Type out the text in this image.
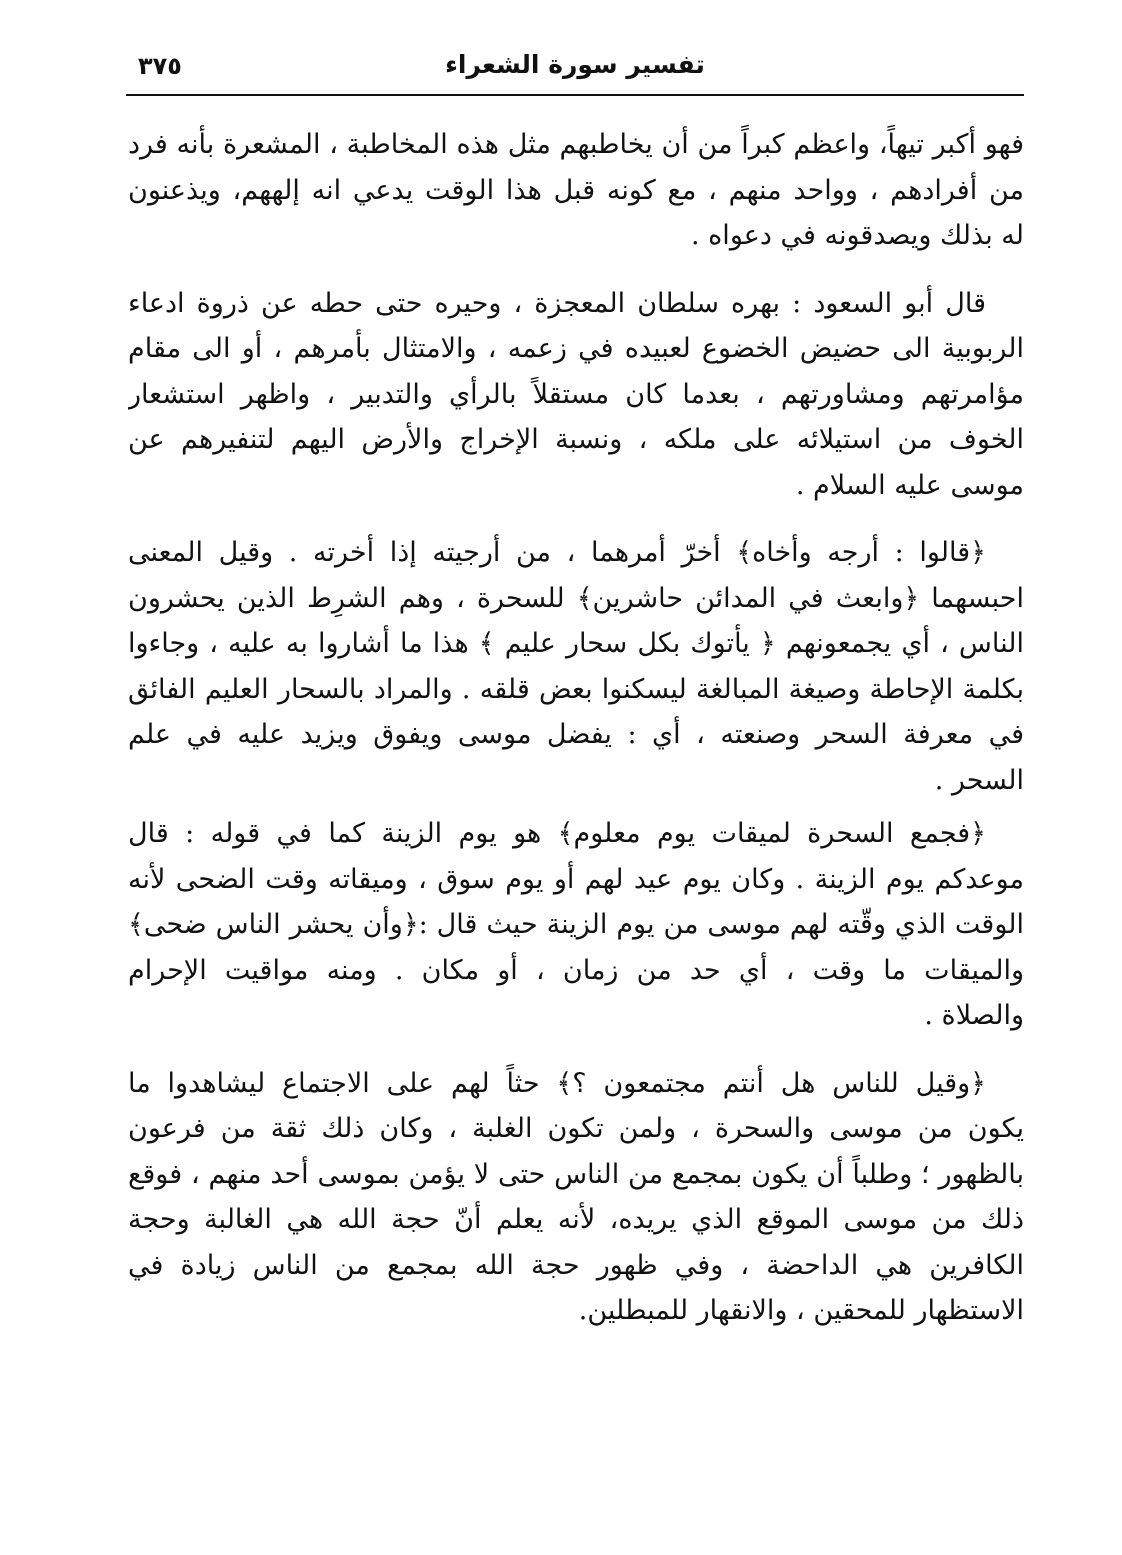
٣٧٥	تفسير سورة الشعراء
فهو أكبر تيهاً، واعظم كبراً من أن يخاطبهم مثل هذه المخاطبة ، المشعرة بأنه فرد
من أفرادهم ، وواحد منهم ، مع كونه قبل هذا الوقت يدعي انه إلههم، ويذعنون
له بذلك ويصدقونه في دعواه .
قال أبو السعود : بهره سلطان المعجزة ، وحيره حتى حطه عن ذروة ادعاء
الربوبية الى حضيض الخضوع لعبيده في زعمه ، والامتثال بأمرهم ، أو الى مقام
مؤامرتهم ومشاورتهم ، بعدما كان مستقلاً بالرأي والتدبير ، واظهر استشعار
الخوف من استيلائه على ملكه ، ونسبة الإخراج والأرض اليهم لتنفيرهم عن
موسى عليه السلام .
﴿قالوا : أرجه وأخاه﴾ أخرّ أمرهما ، من أرجيته إذا أخرته . وقيل المعنى
احبسهما ﴿وابعث في المدائن حاشرين﴾ للسحرة ، وهم الشرِط الذين يحشرون
الناس ، أي يجمعونهم ﴿ يأتوك بكل سحار عليم ﴾ هذا ما أشاروا به عليه ، وجاءوا
بكلمة الإحاطة وصيغة المبالغة ليسكنوا بعض قلقه . والمراد بالسحار العليم الفائق
في معرفة السحر وصنعته ، أي : يفضل موسى ويفوق ويزيد عليه في علم
السحر .
﴿فجمع السحرة لميقات يوم معلوم﴾ هو يوم الزينة كما في قوله : قال
موعدكم يوم الزينة . وكان يوم عيد لهم أو يوم سوق ، وميقاته وقت الضحى لأنه
الوقت الذي وقّته لهم موسى من يوم الزينة حيث قال :﴿وأن يحشر الناس ضحى﴾
والميقات ما وقت ، أي حد من زمان ، أو مكان . ومنه مواقيت الإحرام
والصلاة .
﴿وقيل للناس هل أنتم مجتمعون ؟﴾ حثاً لهم على الاجتماع ليشاهدوا ما
يكون من موسى والسحرة ، ولمن تكون الغلبة ، وكان ذلك ثقة من فرعون
بالظهور ؛ وطلباً أن يكون بمجمع من الناس حتى لا يؤمن بموسى أحد منهم ، فوقع
ذلك من موسى الموقع الذي يريده، لأنه يعلم أنّ حجة الله هي الغالبة وحجة
الكافرين هي الداحضة ، وفي ظهور حجة الله بمجمع من الناس زيادة في
الاستظهار للمحقين ، والانقهار للمبطلين.
